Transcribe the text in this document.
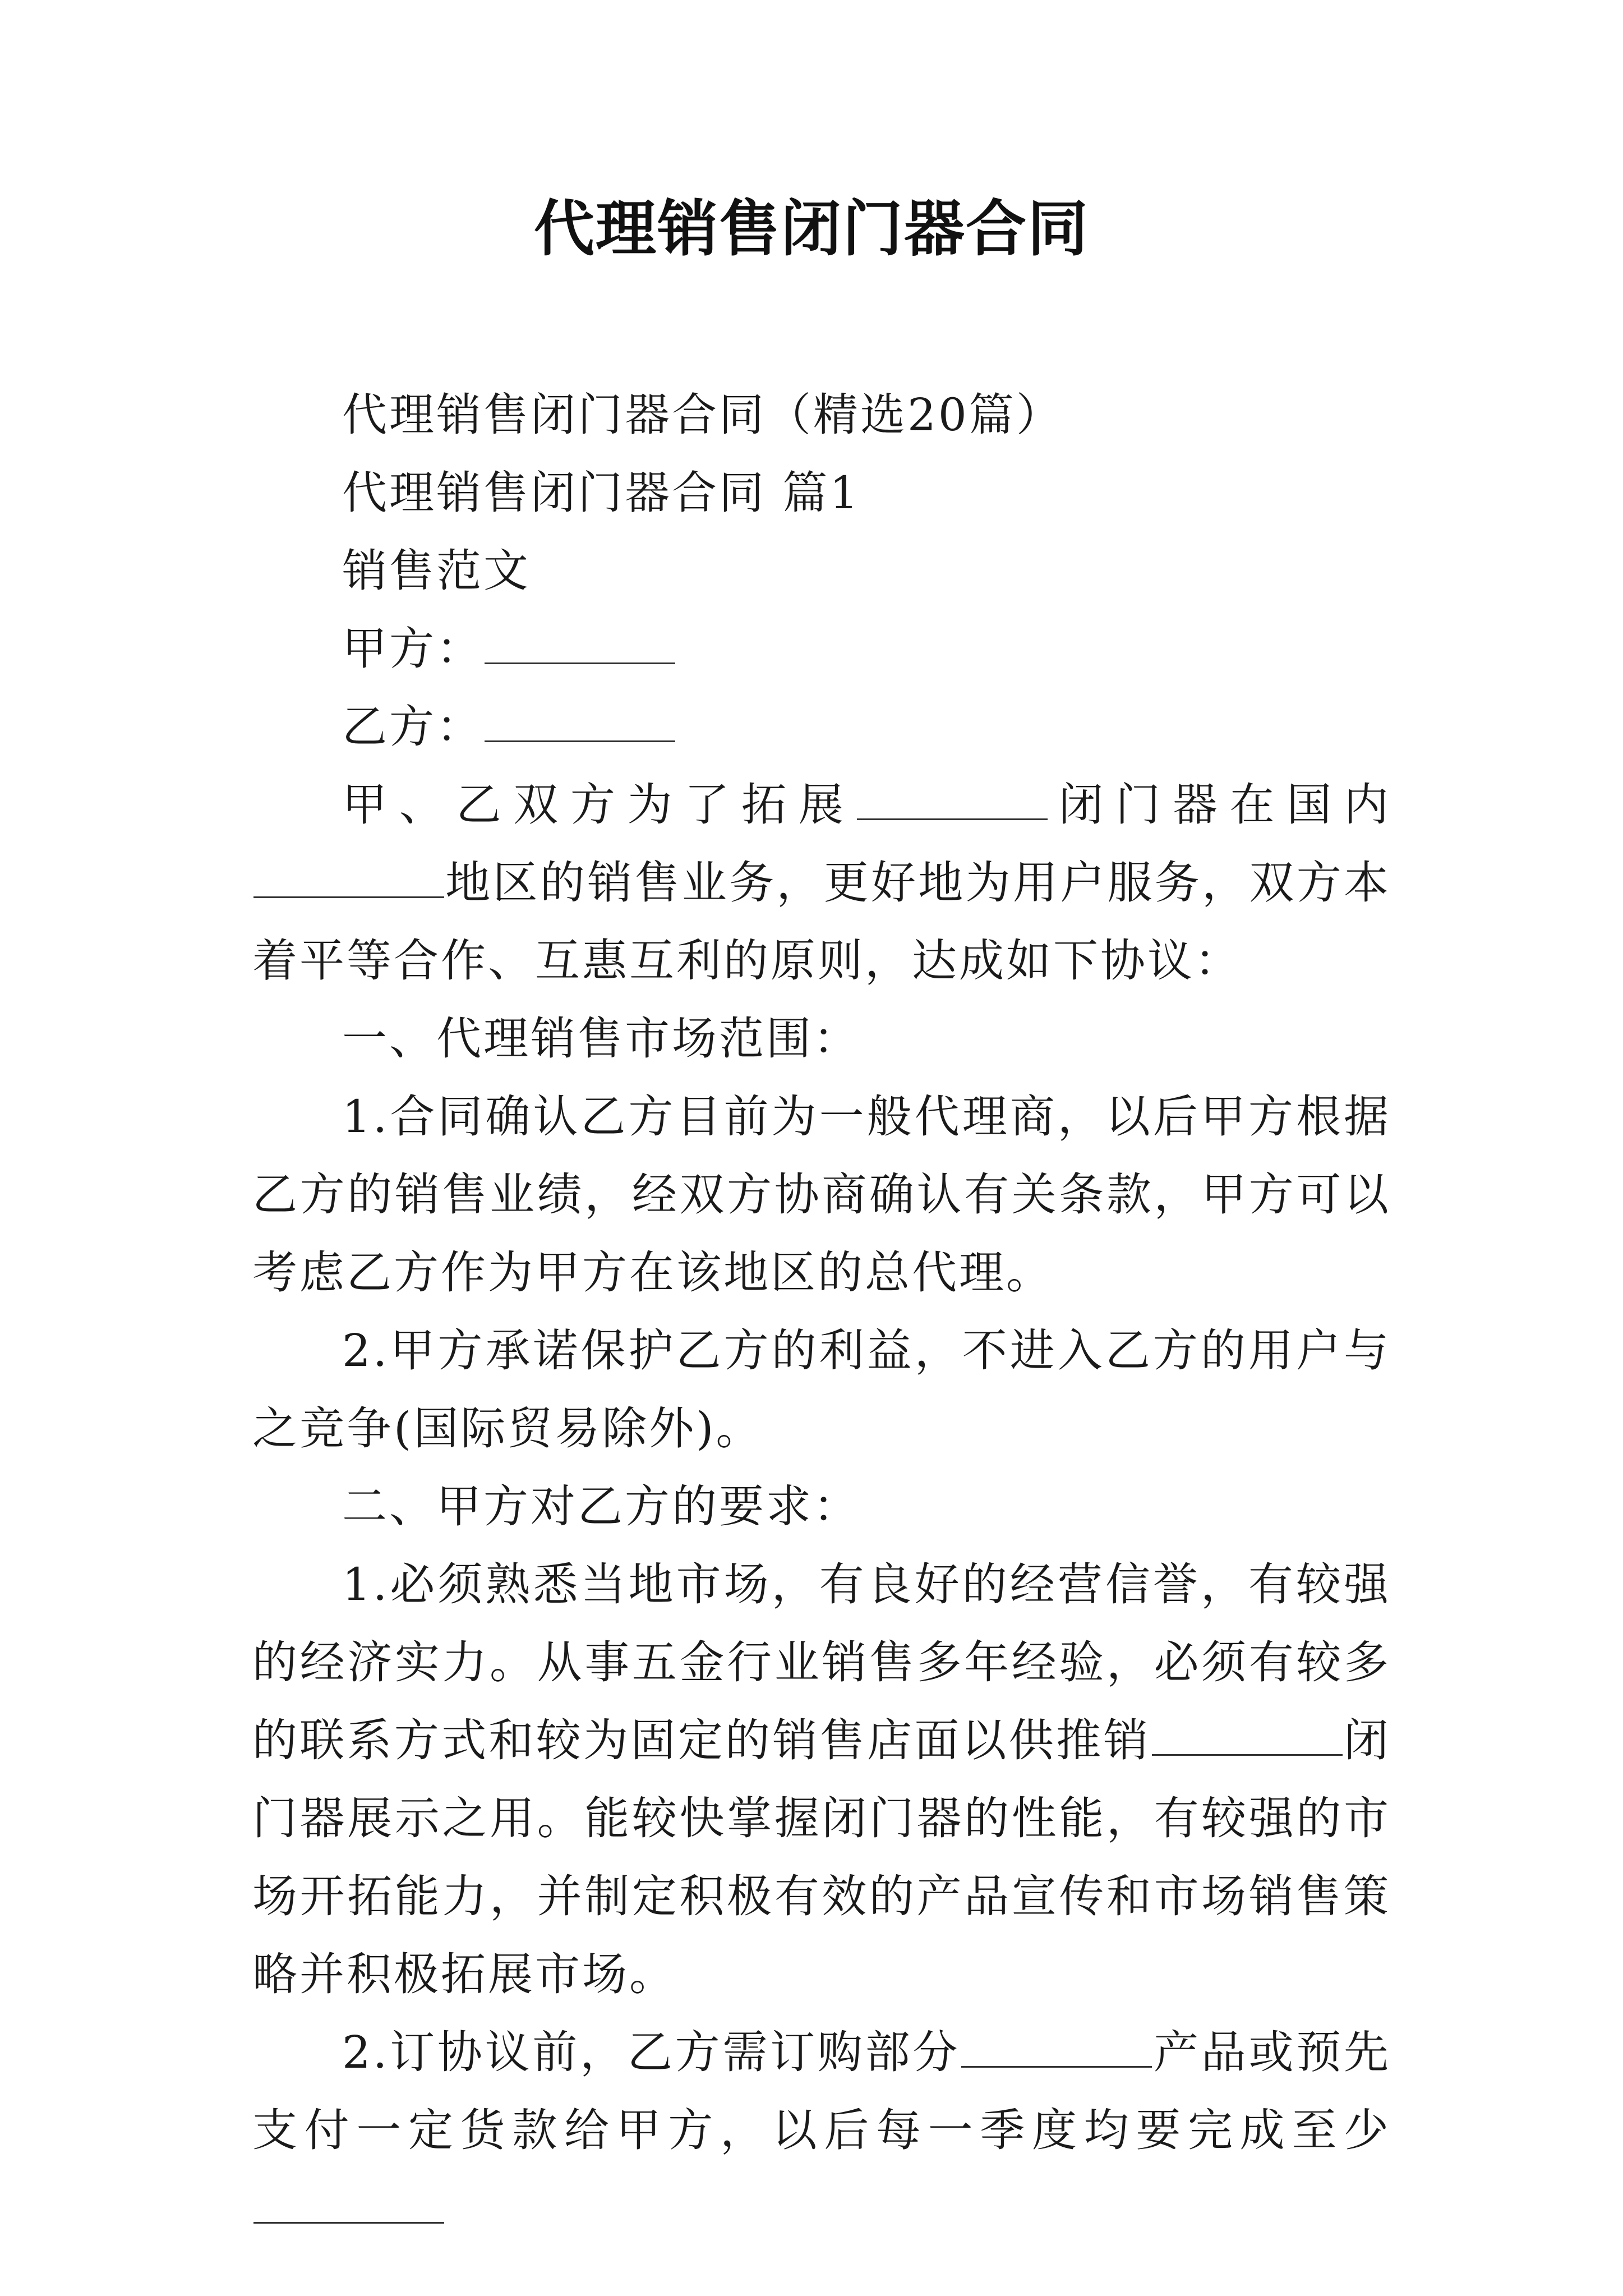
代理销售闭门器合同

代理销售闭门器合同（精选20篇）

代理销售闭门器合同 篇1

销售范文

甲方：

乙方：

甲、乙双方为了拓展	闭门器在国内地区的销售业务，更好地为用户服务，双方本着平等合作、互惠互利的原则，达成如下协议：

一、代理销售市场范围：

1.合同确认乙方目前为一般代理商，以后甲方根据乙方的销售业绩，经双方协商确认有关条款，甲方可以考虑乙方作为甲方在该地区的总代理。

2.甲方承诺保护乙方的利益，不进入乙方的用户与之竞争(国际贸易除外)。

二、甲方对乙方的要求：

1.必须熟悉当地市场，有良好的经营信誉，有较强的经济实力。从事五金行业销售多年经验，必须有较多的联系方式和较为固定的销售店面以供推销	闭门器展示之用。能较快掌握闭门器的性能，有较强的市场开拓能力，并制定积极有效的产品宣传和市场销售策略并积极拓展市场。

2.订协议前，乙方需订购部分	产品或预先支付一定货款给甲方，以后每一季度均要完成至少
